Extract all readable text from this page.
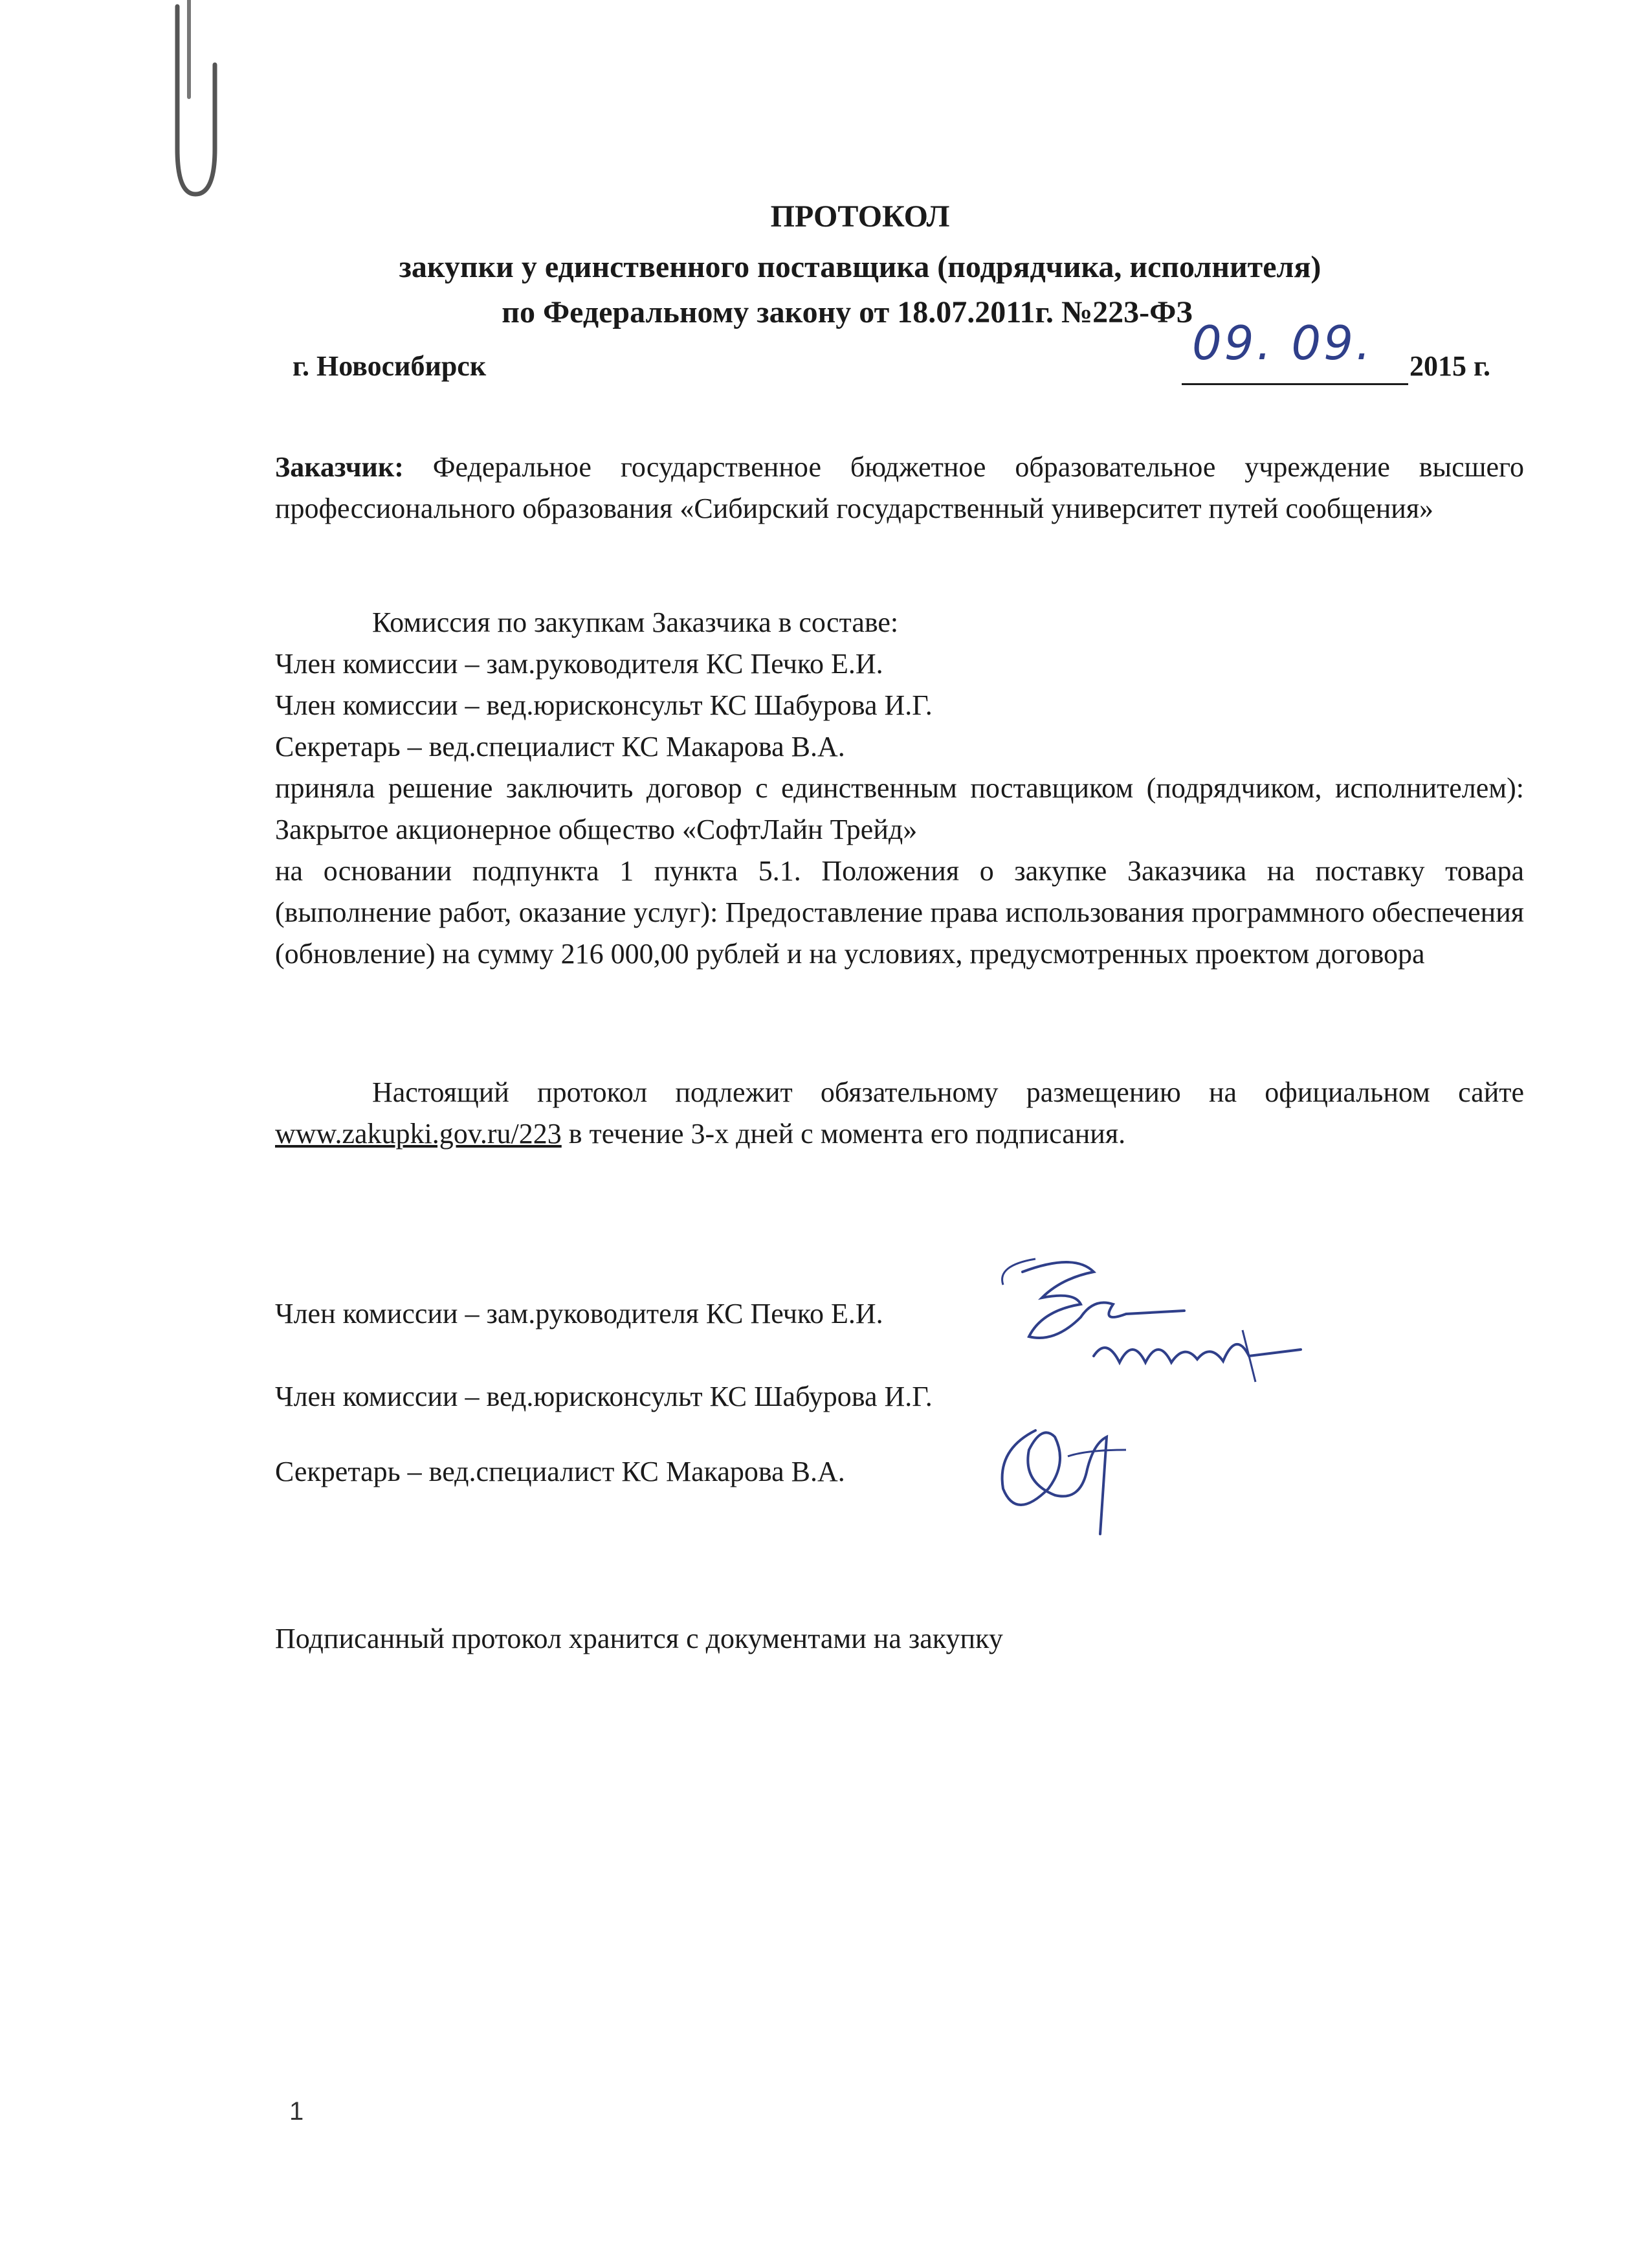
ПРОТОКОЛ
закупки у единственного поставщика (подрядчика, исполнителя)
по Федеральному закону от 18.07.2011г. №223-ФЗ
г. Новосибирск	09. 09. 2015 г.
Заказчик: Федеральное государственное бюджетное образовательное учреждение высшего профессионального образования «Сибирский государственный университет путей сообщения»
Комиссия по закупкам Заказчика в составе:
Член комиссии – зам.руководителя КС Печко Е.И.
Член комиссии – вед.юрисконсульт КС Шабурова И.Г.
Секретарь – вед.специалист КС Макарова В.А.
приняла решение заключить договор с единственным поставщиком (подрядчиком, исполнителем): Закрытое акционерное общество «СофтЛайн Трейд»
на основании подпункта 1 пункта 5.1. Положения о закупке Заказчика на поставку товара (выполнение работ, оказание услуг): Предоставление права использования программного обеспечения (обновление) на сумму 216 000,00 рублей и на условиях, предусмотренных проектом договора
Настоящий протокол подлежит обязательному размещению на официальном сайте www.zakupki.gov.ru/223 в течение 3-х дней с момента его подписания.
Член комиссии – зам.руководителя КС Печко Е.И.
Член комиссии – вед.юрисконсульт КС Шабурова И.Г.
Секретарь – вед.специалист КС Макарова В.А.
Подписанный протокол хранится с документами на закупку
1
